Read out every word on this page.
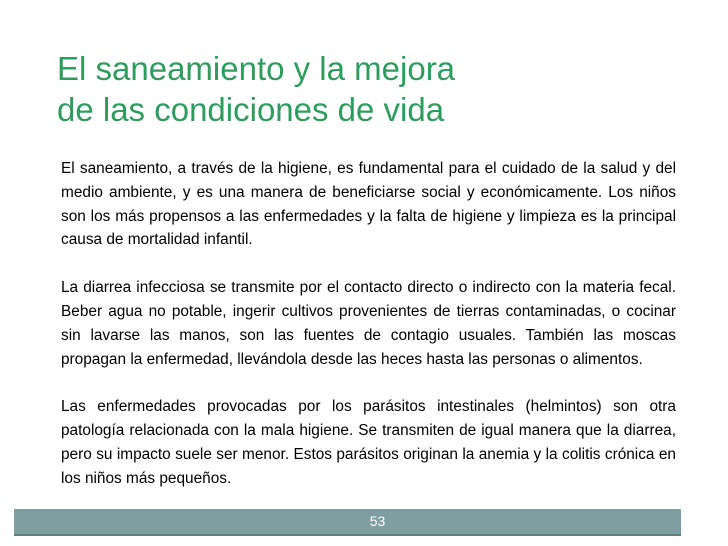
El saneamiento y la mejora
de las condiciones de vida

El saneamiento, a través de la higiene, es fundamental para el cuidado de la salud y del medio ambiente, y es una manera de beneficiarse social y económicamente. Los niños son los más propensos a las enfermedades y la falta de higiene y limpieza es la principal causa de mortalidad infantil.

La diarrea infecciosa se transmite por el contacto directo o indirecto con la materia fecal. Beber agua no potable, ingerir cultivos provenientes de tierras contaminadas, o cocinar sin lavarse las manos, son las fuentes de contagio usuales. También las moscas propagan la enfermedad, llevándola desde las heces hasta las personas o alimentos.

Las enfermedades provocadas por los parásitos intestinales (helmintos) son otra patología relacionada con la mala higiene. Se transmiten de igual manera que la diarrea, pero su impacto suele ser menor. Estos parásitos originan la anemia y la colitis crónica en los niños más pequeños.

53
